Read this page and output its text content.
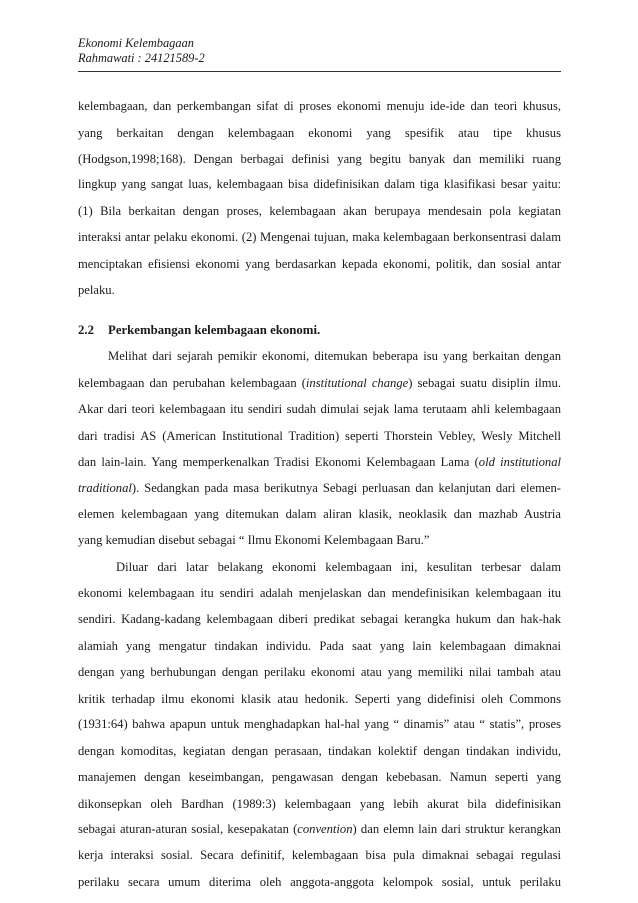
Ekonomi Kelembagaan
Rahmawati : 24121589-2
kelembagaan, dan perkembangan sifat di proses ekonomi menuju ide-ide dan teori khusus,
yang berkaitan dengan kelembagaan ekonomi yang spesifik atau tipe khusus
(Hodgson,1998;168). Dengan berbagai definisi yang begitu banyak dan memiliki ruang
lingkup yang sangat luas, kelembagaan bisa didefinisikan dalam tiga klasifikasi besar yaitu:
(1) Bila berkaitan dengan proses, kelembagaan akan berupaya mendesain pola kegiatan
interaksi antar pelaku ekonomi. (2) Mengenai tujuan, maka kelembagaan berkonsentrasi dalam
menciptakan efisiensi ekonomi yang berdasarkan kepada ekonomi, politik, dan sosial antar
pelaku.
2.2 Perkembangan kelembagaan ekonomi.
Melihat dari sejarah pemikir ekonomi, ditemukan beberapa isu yang berkaitan dengan
kelembagaan dan perubahan kelembagaan (institutional change) sebagai suatu disiplin ilmu.
Akar dari teori kelembagaan itu sendiri sudah dimulai sejak lama terutaam ahli kelembagaan
dari tradisi AS (American Institutional Tradition) seperti Thorstein Vebley, Wesly Mitchell
dan lain-lain. Yang memperkenalkan Tradisi Ekonomi Kelembagaan Lama (old institutional
traditional). Sedangkan pada masa berikutnya Sebagi perluasan dan kelanjutan dari elemen-
elemen kelembagaan yang ditemukan dalam aliran klasik, neoklasik dan mazhab Austria
yang kemudian disebut sebagai “ Ilmu Ekonomi Kelembagaan Baru.”
Diluar dari latar belakang ekonomi kelembagaan ini, kesulitan terbesar dalam
ekonomi kelembagaan itu sendiri adalah menjelaskan dan mendefinisikan kelembagaan itu
sendiri. Kadang-kadang kelembagaan diberi predikat sebagai kerangka hukum dan hak-hak
alamiah yang mengatur tindakan individu. Pada saat yang lain kelembagaan dimaknai
dengan yang berhubungan dengan perilaku ekonomi atau yang memiliki nilai tambah atau
kritik terhadap ilmu ekonomi klasik atau hedonik. Seperti yang didefinisi oleh Commons
(1931:64) bahwa apapun untuk menghadapkan hal-hal yang “ dinamis” atau “ statis”, proses
dengan komoditas, kegiatan dengan perasaan, tindakan kolektif dengan tindakan individu,
manajemen dengan keseimbangan, pengawasan dengan kebebasan. Namun seperti yang
dikonsepkan oleh Bardhan (1989:3) kelembagaan yang lebih akurat bila didefinisikan
sebagai aturan-aturan sosial, kesepakatan (convention) dan elemn lain dari struktur kerangkan
kerja interaksi sosial. Secara definitif, kelembagaan bisa pula dimaknai sebagai regulasi
perilaku secara umum diterima oleh anggota-anggota kelompok sosial, untuk perilaku
